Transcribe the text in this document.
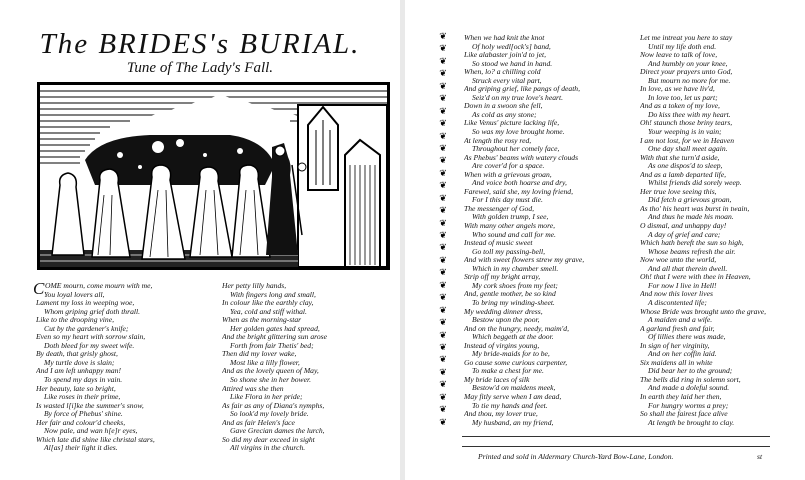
The BRIDES's BURIAL.
Tune of The Lady's Fall.
C OME mourn, come mourn with me,
You loyal lovers all,
Lament my loss in weeping woe,
Whom griping grief doth thrall.
Like to the drooping vine,
Cut by the gardener's knife;
Even so my heart with sorrow slain,
Doth bleed for my sweet wife.
By death, that grisly ghost,
My turtle dove is slain;
And I am left unhappy man!
To spend my days in vain.
Her beauty, late so bright,
Like roses in their prime,
Is wasted l[i]ke the summer's snow,
By force of Phebus' shine.
Her fair and colour'd cheeks,
Now pale, and wan h[e]r eyes,
Which late did shine like christal stars,
Al[as] their light it dies.
Her petty lilly hands,
With fingers long and small,
In colour like the earthly clay,
Yea, cold and stiff withal.
When as the morning-star
Her golden gates had spread,
And the bright glittering sun arose
Forth from fair Thetis' bed;
Then did my lover wake,
Most like a lilly flower,
And as the lovely queen of May,
So shone she in her bower.
Attired was she then
Like Flora in her pride;
As fair as any of Diana's nymphs,
So look'd my lovely bride.
And as fair Helen's face
Gave Grecian dames the lurch,
So did my dear exceed in sight
All virgins in the church.
❦
❦
❦
❦
❦
❦
❦
❦
❦
❦
❦
❦
❦
❦
❦
❦
❦
❦
❦
❦
❦
❦
❦
❦
❦
❦
❦
❦
❦
❦
❦
❦
When we had knit the knot
Of holy wedl[ock's] band,
Like alabaster join'd to jet,
So stood we hand in hand.
When, lo? a chilling cold
Struck every vital part,
And griping grief, like pangs of death,
Seiz'd on my true love's heart.
Down in a swoon she fell,
As cold as any stone;
Like Venus' picture lacking life,
So was my love brought home.
At length the rosy red,
Throughout her comely face,
As Phebus' beams with watery clouds
Are cover'd for a space.
When with a grievous groan,
And voice both hoarse and dry,
Farewel, said she, my loving friend,
For I this day must die.
The messenger of God,
With golden trump, I see,
With many other angels more,
Who sound and call for me.
Instead of music sweet
Go toll my passing-bell,
And with sweet flowers strew my grave,
Which in my chamber smell.
Strip off my bright array,
My cork shoes from my feet;
And, gentle mother, be so kind
To bring my winding-sheet.
My wedding dinner dress,
Bestow upon the poor,
And on the hungry, needy, maim'd,
Which beggeth at the door.
Instead of virgins young,
My bride-maids for to be,
Go cause some curious carpenter,
To make a chest for me.
My bride laces of silk
Bestow'd on maidens meek,
May fitly serve when I am dead,
To tie my hands and feet.
And thou, my lover true,
My husband, an my friend,
Let me intreat you here to stay
Until my life doth end.
Now leave to talk of love,
And humbly on your knee,
Direct your prayers unto God,
But mourn no more for me.
In love, as we have liv'd,
In love too, let us part;
And as a token of my love,
Do kiss thee with my heart.
Oh! staunch those briny tears,
Your weeping is in vain;
I am not lost, for we in Heaven
One day shall meet again.
With that she turn'd aside,
As one dispos'd to sleep,
And as a lamb departed life,
Whilst friends did sorely weep.
Her true love seeing this,
Did fetch a grievous groan,
As tho' his heart was burst in twain,
And thus he made his moan.
O dismal, and unhappy day!
A day of grief and care;
Which hath bereft the sun so high,
Whose beams refresh the air.
Now woe unto the world,
And all that therein dwell.
Oh! that I were with thee in Heaven,
For now I live in Hell!
And now this lover lives
A discontented life;
Whose Bride was brought unto the grave,
A maiden and a wife.
A garland fresh and fair,
Of lillies there was made,
In sign of her virginity,
And on her coffin laid.
Six maidens all in white
Did bear her to the ground;
The bells did ring in solemn sort,
And made a doleful sound.
In earth they laid her then,
For hungry worms a prey;
So shall the fairest face alive
At length be brought to clay.
Printed and sold in Aldermary Church-Yard Bow-Lane, London.	st
